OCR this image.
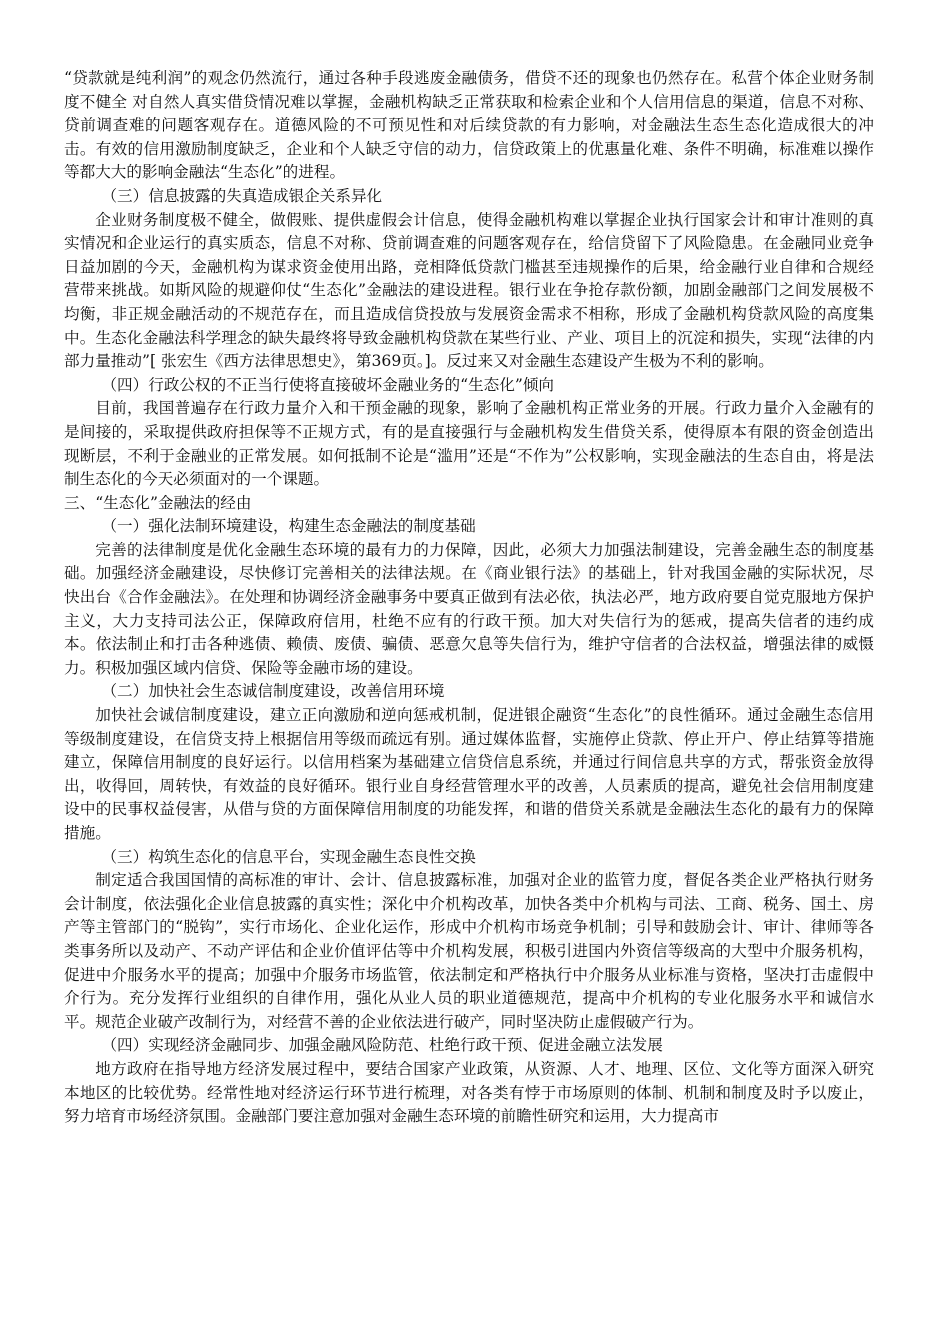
“贷款就是纯利润”的观念仍然流行，通过各种手段逃废金融债务，借贷不还的现象也仍然存在。私营个体企业财务制度不健全 对自然人真实借贷情况难以掌握，金融机构缺乏正常获取和检索企业和个人信用信息的渠道，信息不对称、贷前调查难的问题客观存在。道德风险的不可预见性和对后续贷款的有力影响，对金融法生态生态化造成很大的冲击。有效的信用激励制度缺乏，企业和个人缺乏守信的动力，信贷政策上的优惠量化难、条件不明确，标准难以操作等都大大的影响金融法“生态化”的进程。

（三）信息披露的失真造成银企关系异化

企业财务制度极不健全，做假账、提供虚假会计信息，使得金融机构难以掌握企业执行国家会计和审计准则的真实情况和企业运行的真实质态，信息不对称、贷前调查难的问题客观存在，给信贷留下了风险隐患。在金融同业竞争日益加剧的今天，金融机构为谋求资金使用出路，竞相降低贷款门槛甚至违规操作的后果，给金融行业自律和合规经营带来挑战。如斯风险的规避仰仗“生态化”金融法的建设进程。银行业在争抢存款份额，加剧金融部门之间发展极不均衡，非正规金融活动的不规范存在，而且造成信贷投放与发展资金需求不相称，形成了金融机构贷款风险的高度集中。生态化金融法科学理念的缺失最终将导致金融机构贷款在某些行业、产业、项目上的沉淀和损失，实现“法律的内部力量推动”[ 张宏生《西方法律思想史》，第369页。]。反过来又对金融生态建设产生极为不利的影响。

（四）行政公权的不正当行使将直接破坏金融业务的“生态化”倾向

目前，我国普遍存在行政力量介入和干预金融的现象，影响了金融机构正常业务的开展。行政力量介入金融有的是间接的，采取提供政府担保等不正规方式，有的是直接强行与金融机构发生借贷关系，使得原本有限的资金创造出现断层，不利于金融业的正常发展。如何抵制不论是“滥用”还是“不作为”公权影响，实现金融法的生态自由，将是法制生态化的今天必须面对的一个课题。

三、“生态化”金融法的经由

（一）强化法制环境建设，构建生态金融法的制度基础

完善的法律制度是优化金融生态环境的最有力的力保障，因此，必须大力加强法制建设，完善金融生态的制度基础。加强经济金融建设，尽快修订完善相关的法律法规。在《商业银行法》的基础上，针对我国金融的实际状况，尽快出台《合作金融法》。在处理和协调经济金融事务中要真正做到有法必依，执法必严，地方政府要自觉克服地方保护主义，大力支持司法公正，保障政府信用，杜绝不应有的行政干预。加大对失信行为的惩戒，提高失信者的违约成本。依法制止和打击各种逃债、赖债、废债、骗债、恶意欠息等失信行为，维护守信者的合法权益，增强法律的威慑力。积极加强区域内信贷、保险等金融市场的建设。

（二）加快社会生态诚信制度建设，改善信用环境

加快社会诚信制度建设，建立正向激励和逆向惩戒机制，促进银企融资“生态化”的良性循环。通过金融生态信用等级制度建设，在信贷支持上根据信用等级而疏远有别。通过媒体监督，实施停止贷款、停止开户、停止结算等措施建立，保障信用制度的良好运行。以信用档案为基础建立信贷信息系统，并通过行间信息共享的方式，帮张资金放得出，收得回，周转快，有效益的良好循环。银行业自身经营管理水平的改善，人员素质的提高，避免社会信用制度建设中的民事权益侵害，从借与贷的方面保障信用制度的功能发挥，和谐的借贷关系就是金融法生态化的最有力的保障措施。

（三）构筑生态化的信息平台，实现金融生态良性交换

制定适合我国国情的高标准的审计、会计、信息披露标准，加强对企业的监管力度，督促各类企业严格执行财务会计制度，依法强化企业信息披露的真实性；深化中介机构改革，加快各类中介机构与司法、工商、税务、国土、房产等主管部门的“脱钩”，实行市场化、企业化运作，形成中介机构市场竞争机制；引导和鼓励会计、审计、律师等各类事务所以及动产、不动产评估和企业价值评估等中介机构发展，积极引进国内外资信等级高的大型中介服务机构，促进中介服务水平的提高；加强中介服务市场监管，依法制定和严格执行中介服务从业标准与资格，坚决打击虚假中介行为。充分发挥行业组织的自律作用，强化从业人员的职业道德规范，提高中介机构的专业化服务水平和诚信水平。规范企业破产改制行为，对经营不善的企业依法进行破产，同时坚决防止虚假破产行为。

（四）实现经济金融同步、加强金融风险防范、杜绝行政干预、促进金融立法发展

地方政府在指导地方经济发展过程中，要结合国家产业政策，从资源、人才、地理、区位、文化等方面深入研究本地区的比较优势。经常性地对经济运行环节进行梳理，对各类有悖于市场原则的体制、机制和制度及时予以废止，努力培育市场经济氛围。金融部门要注意加强对金融生态环境的前瞻性研究和运用，大力提高市
